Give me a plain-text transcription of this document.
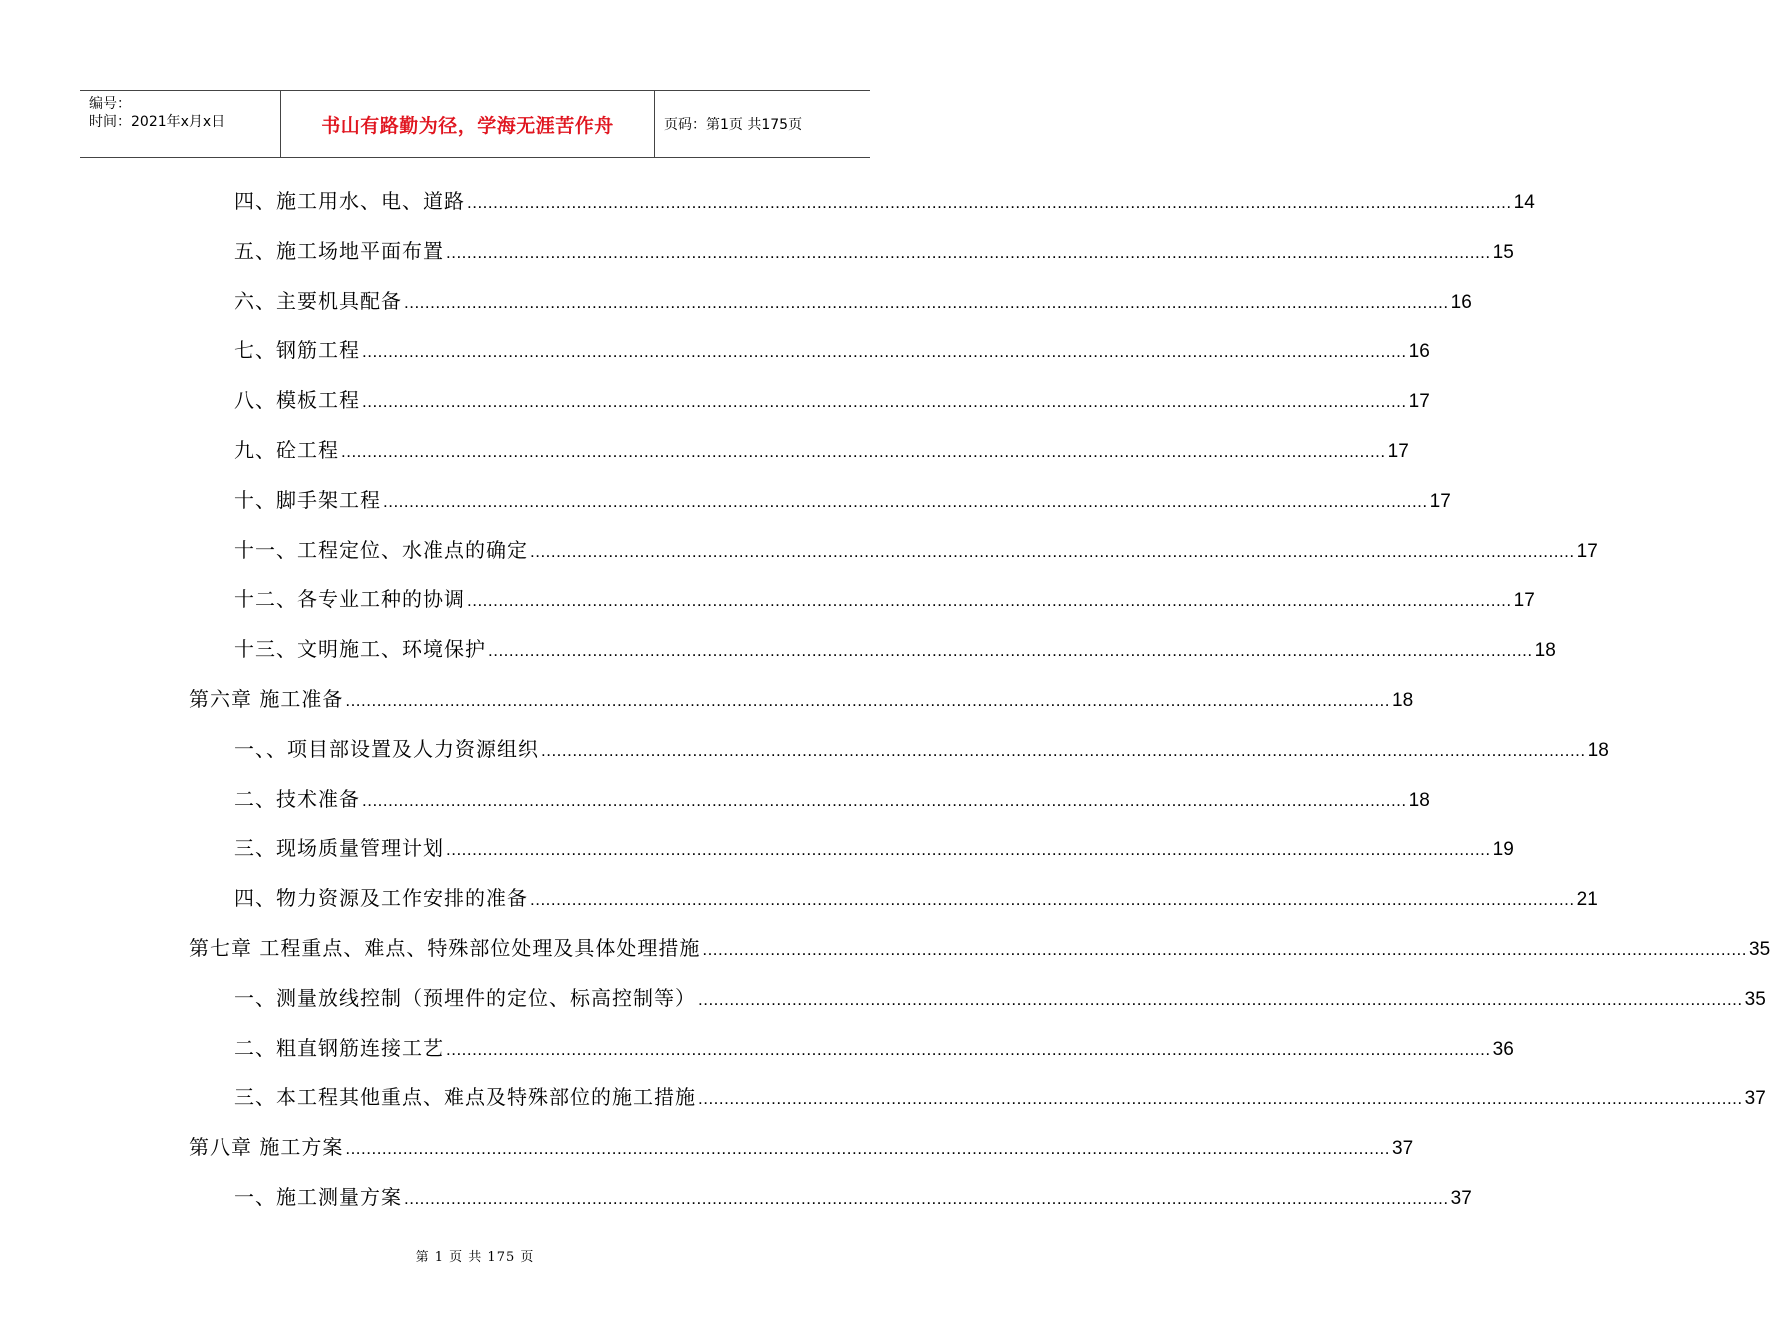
编号：
时间：2021年x月x日	书山有路勤为径，学海无涯苦作舟	页码：第1页 共175页
四、施工用水、电、道路 ........................................................................................................................................................................................................ 14
五、施工场地平面布置 ........................................................................................................................................................................................................ 15
六、主要机具配备 ........................................................................................................................................................................................................ 16
七、钢筋工程 ........................................................................................................................................................................................................ 16
八、模板工程 ........................................................................................................................................................................................................ 17
九、砼工程 ........................................................................................................................................................................................................ 17
十、脚手架工程 ........................................................................................................................................................................................................ 17
十一、工程定位、水准点的确定 ........................................................................................................................................................................................................ 17
十二、各专业工种的协调 ........................................................................................................................................................................................................ 17
十三、文明施工、环境保护 ........................................................................................................................................................................................................ 18
第六章 施工准备 ........................................................................................................................................................................................................ 18
一、、项目部设置及人力资源组织 ........................................................................................................................................................................................................ 18
二、技术准备 ........................................................................................................................................................................................................ 18
三、现场质量管理计划 ........................................................................................................................................................................................................ 19
四、物力资源及工作安排的准备 ........................................................................................................................................................................................................ 21
第七章 工程重点、难点、特殊部位处理及具体处理措施 ........................................................................................................................................................................................................ 35
一、测量放线控制（预埋件的定位、标高控制等） ........................................................................................................................................................................................................ 35
二、粗直钢筋连接工艺 ........................................................................................................................................................................................................ 36
三、本工程其他重点、难点及特殊部位的施工措施 ........................................................................................................................................................................................................ 37
第八章 施工方案 ........................................................................................................................................................................................................ 37
一、施工测量方案 ........................................................................................................................................................................................................ 37
第 1 页 共 175 页
